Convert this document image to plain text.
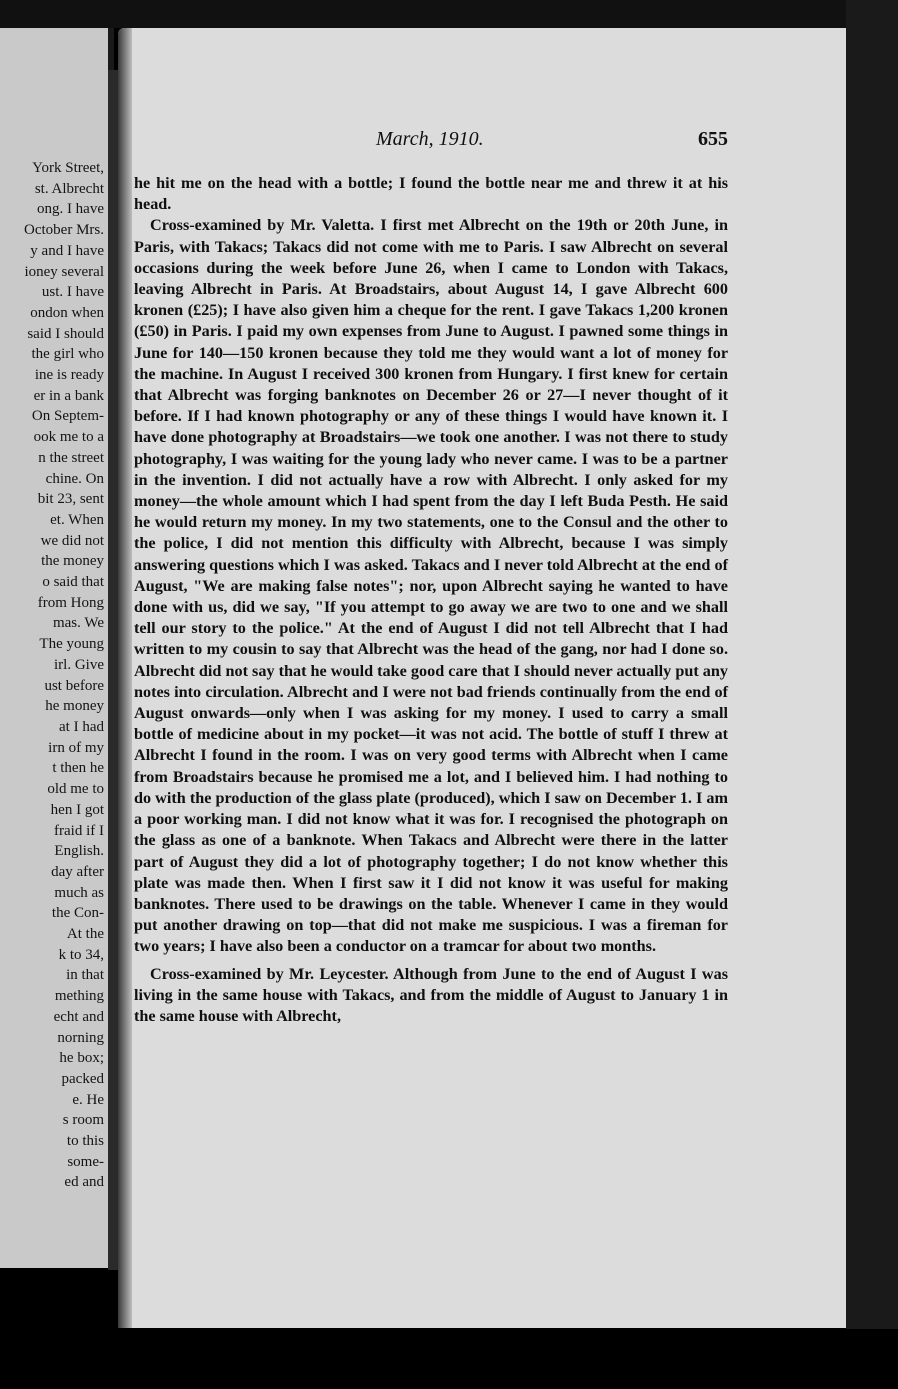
York Street,
st. Albrecht
ong. I have
October Mrs.
y and I have
ioney several
ust. I have
ondon when
said I should
the girl who
ine is ready
er in a bank
On Septem-
ook me to a
n the street
chine. On
bit 23, sent
et. When
we did not
the money
o said that
from Hong
mas. We
The young
irl. Give
ust before
he money
at I had
irn of my
t then he
old me to
hen I got
fraid if I
English.
day after
much as
the Con-
At the
k to 34,
in that
mething
echt and
norning
he box;
packed
e. He
s room
to this
some-
ed and
March, 1910.	655

he hit me on the head with a bottle; I found the bottle near me and threw it at his head.

Cross-examined by Mr. Valetta. I first met Albrecht on the 19th or 20th June, in Paris, with Takacs; Takacs did not come with me to Paris. I saw Albrecht on several occasions during the week before June 26, when I came to London with Takacs, leaving Albrecht in Paris. At Broadstairs, about August 14, I gave Albrecht 600 kronen (£25); I have also given him a cheque for the rent. I gave Takacs 1,200 kronen (£50) in Paris. I paid my own expenses from June to August. I pawned some things in June for 140—150 kronen because they told me they would want a lot of money for the machine. In August I received 300 kronen from Hungary. I first knew for certain that Albrecht was forging banknotes on December 26 or 27—I never thought of it before. If I had known photography or any of these things I would have known it. I have done photography at Broadstairs—we took one another. I was not there to study photography, I was waiting for the young lady who never came. I was to be a partner in the invention. I did not actually have a row with Albrecht. I only asked for my money—the whole amount which I had spent from the day I left Buda Pesth. He said he would return my money. In my two statements, one to the Consul and the other to the police, I did not mention this difficulty with Albrecht, because I was simply answering questions which I was asked. Takacs and I never told Albrecht at the end of August, "We are making false notes"; nor, upon Albrecht saying he wanted to have done with us, did we say, "If you attempt to go away we are two to one and we shall tell our story to the police." At the end of August I did not tell Albrecht that I had written to my cousin to say that Albrecht was the head of the gang, nor had I done so. Albrecht did not say that he would take good care that I should never actually put any notes into circulation. Albrecht and I were not bad friends continually from the end of August onwards—only when I was asking for my money. I used to carry a small bottle of medicine about in my pocket—it was not acid. The bottle of stuff I threw at Albrecht I found in the room. I was on very good terms with Albrecht when I came from Broadstairs because he promised me a lot, and I believed him. I had nothing to do with the production of the glass plate (produced), which I saw on December 1. I am a poor working man. I did not know what it was for. I recognised the photograph on the glass as one of a banknote. When Takacs and Albrecht were there in the latter part of August they did a lot of photography together; I do not know whether this plate was made then. When I first saw it I did not know it was useful for making banknotes. There used to be drawings on the table. Whenever I came in they would put another drawing on top—that did not make me suspicious. I was a fireman for two years; I have also been a conductor on a tramcar for about two months.

Cross-examined by Mr. Leycester. Although from June to the end of August I was living in the same house with Takacs, and from the middle of August to January 1 in the same house with Albrecht,
